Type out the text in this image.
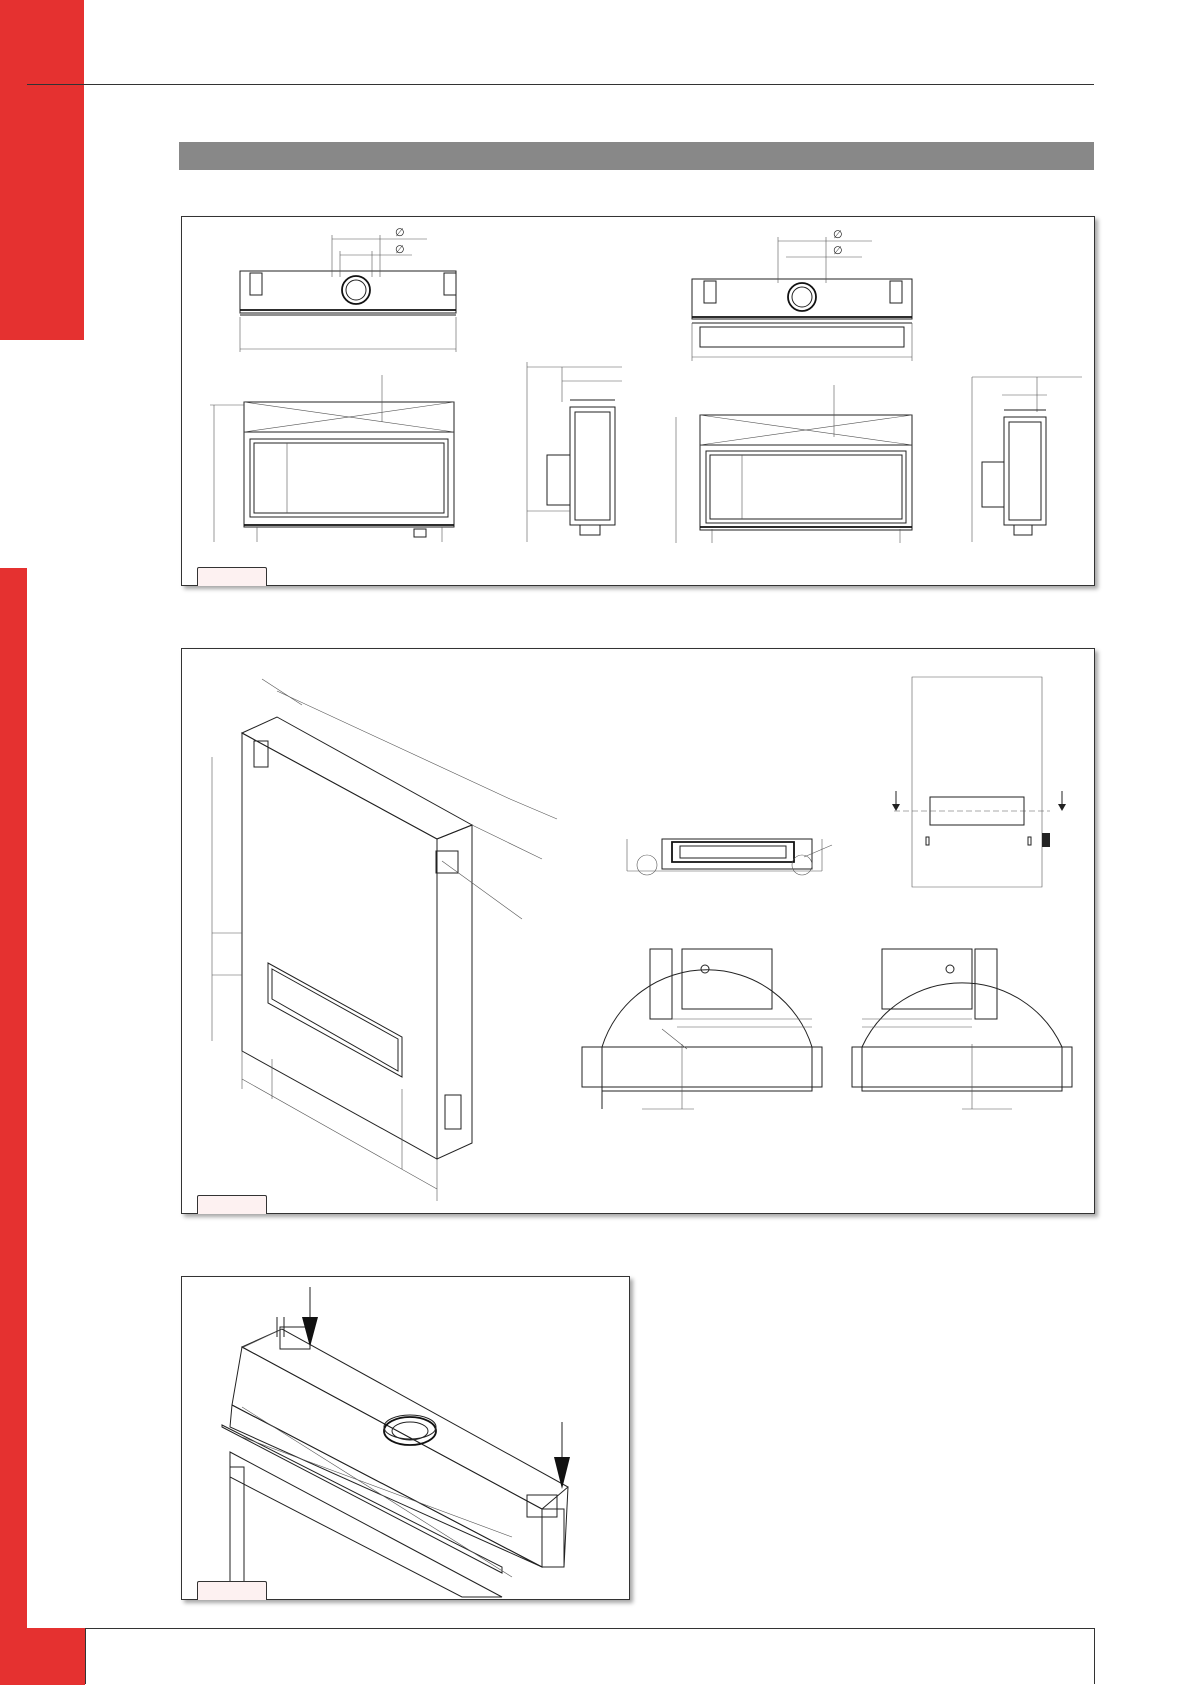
∅
∅
∅
∅
